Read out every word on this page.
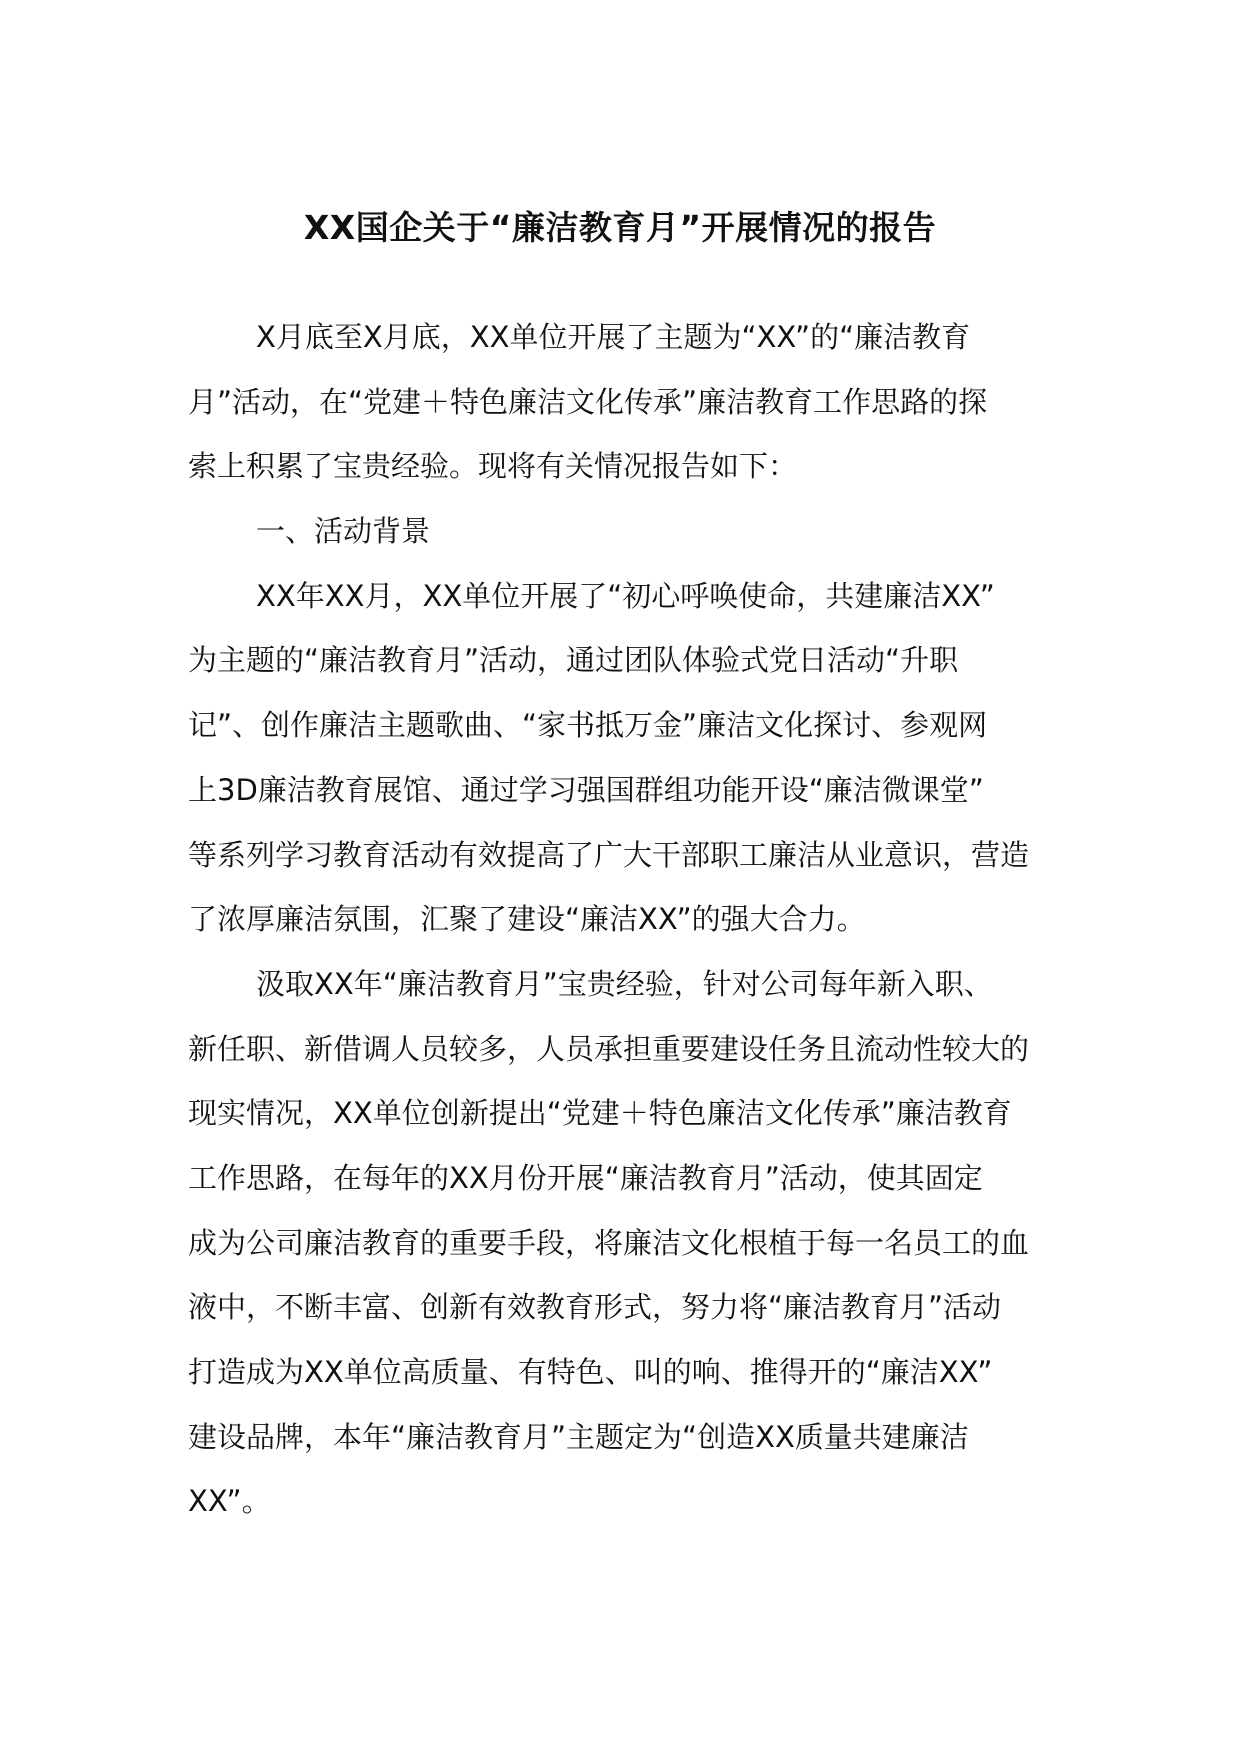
XX国企关于“廉洁教育月”开展情况的报告
X月底至X月底，XX单位开展了主题为“XX”的“廉洁教育
月”活动，在“党建＋特色廉洁文化传承”廉洁教育工作思路的探
索上积累了宝贵经验。现将有关情况报告如下：
一、活动背景
XX年XX月，XX单位开展了“初心呼唤使命，共建廉洁XX”
为主题的“廉洁教育月”活动，通过团队体验式党日活动“升职
记”、创作廉洁主题歌曲、“家书抵万金”廉洁文化探讨、参观网
上3D廉洁教育展馆、通过学习强国群组功能开设“廉洁微课堂”
等系列学习教育活动有效提高了广大干部职工廉洁从业意识，营造
了浓厚廉洁氛围，汇聚了建设“廉洁XX”的强大合力。
汲取XX年“廉洁教育月”宝贵经验，针对公司每年新入职、
新任职、新借调人员较多，人员承担重要建设任务且流动性较大的
现实情况，XX单位创新提出“党建＋特色廉洁文化传承”廉洁教育
工作思路，在每年的XX月份开展“廉洁教育月”活动，使其固定
成为公司廉洁教育的重要手段，将廉洁文化根植于每一名员工的血
液中，不断丰富、创新有效教育形式，努力将“廉洁教育月”活动
打造成为XX单位高质量、有特色、叫的响、推得开的“廉洁XX”
建设品牌，本年“廉洁教育月”主题定为“创造XX质量共建廉洁
XX”。
